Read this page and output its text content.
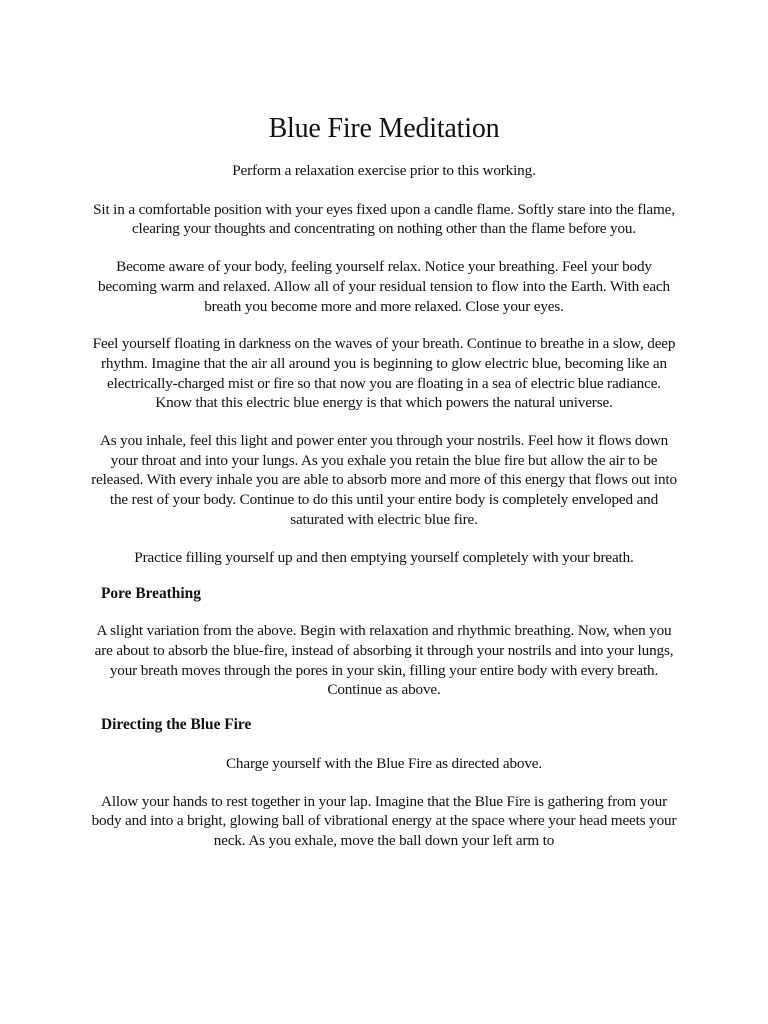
Blue Fire Meditation

Perform a relaxation exercise prior to this working.

Sit in a comfortable position with your eyes fixed upon a candle flame. Softly stare into the flame, clearing your thoughts and concentrating on nothing other than the flame before you.

Become aware of your body, feeling yourself relax. Notice your breathing. Feel your body becoming warm and relaxed. Allow all of your residual tension to flow into the Earth. With each breath you become more and more relaxed. Close your eyes.

Feel yourself floating in darkness on the waves of your breath. Continue to breathe in a slow, deep rhythm. Imagine that the air all around you is beginning to glow electric blue, becoming like an electrically-charged mist or fire so that now you are floating in a sea of electric blue radiance. Know that this electric blue energy is that which powers the natural universe.

As you inhale, feel this light and power enter you through your nostrils. Feel how it flows down your throat and into your lungs. As you exhale you retain the blue fire but allow the air to be released. With every inhale you are able to absorb more and more of this energy that flows out into the rest of your body. Continue to do this until your entire body is completely enveloped and saturated with electric blue fire.

Practice filling yourself up and then emptying yourself completely with your breath.

Pore Breathing

A slight variation from the above. Begin with relaxation and rhythmic breathing. Now, when you are about to absorb the blue-fire, instead of absorbing it through your nostrils and into your lungs, your breath moves through the pores in your skin, filling your entire body with every breath. Continue as above.

Directing the Blue Fire

Charge yourself with the Blue Fire as directed above.

Allow your hands to rest together in your lap. Imagine that the Blue Fire is gathering from your body and into a bright, glowing ball of vibrational energy at the space where your head meets your neck. As you exhale, move the ball down your left arm to
